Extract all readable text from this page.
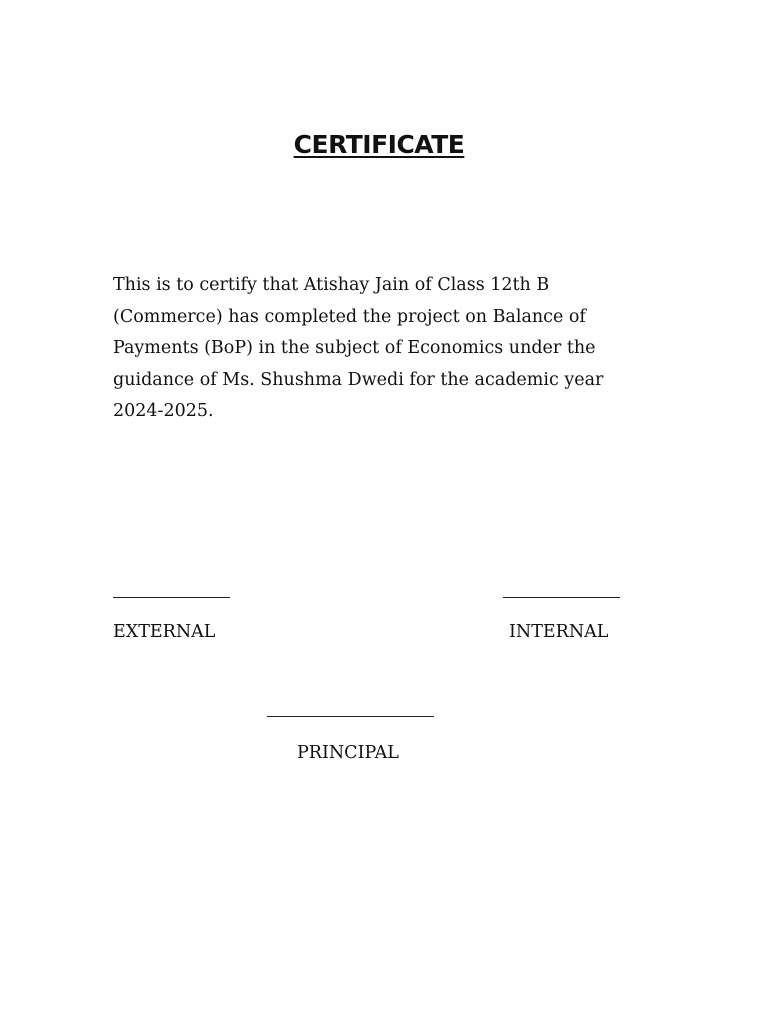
CERTIFICATE

This is to certify that Atishay Jain of Class 12th B (Commerce) has completed the project on Balance of Payments (BoP) in the subject of Economics under the guidance of Ms. Shushma Dwedi for the academic year 2024-2025.

EXTERNAL	INTERNAL
PRINCIPAL
